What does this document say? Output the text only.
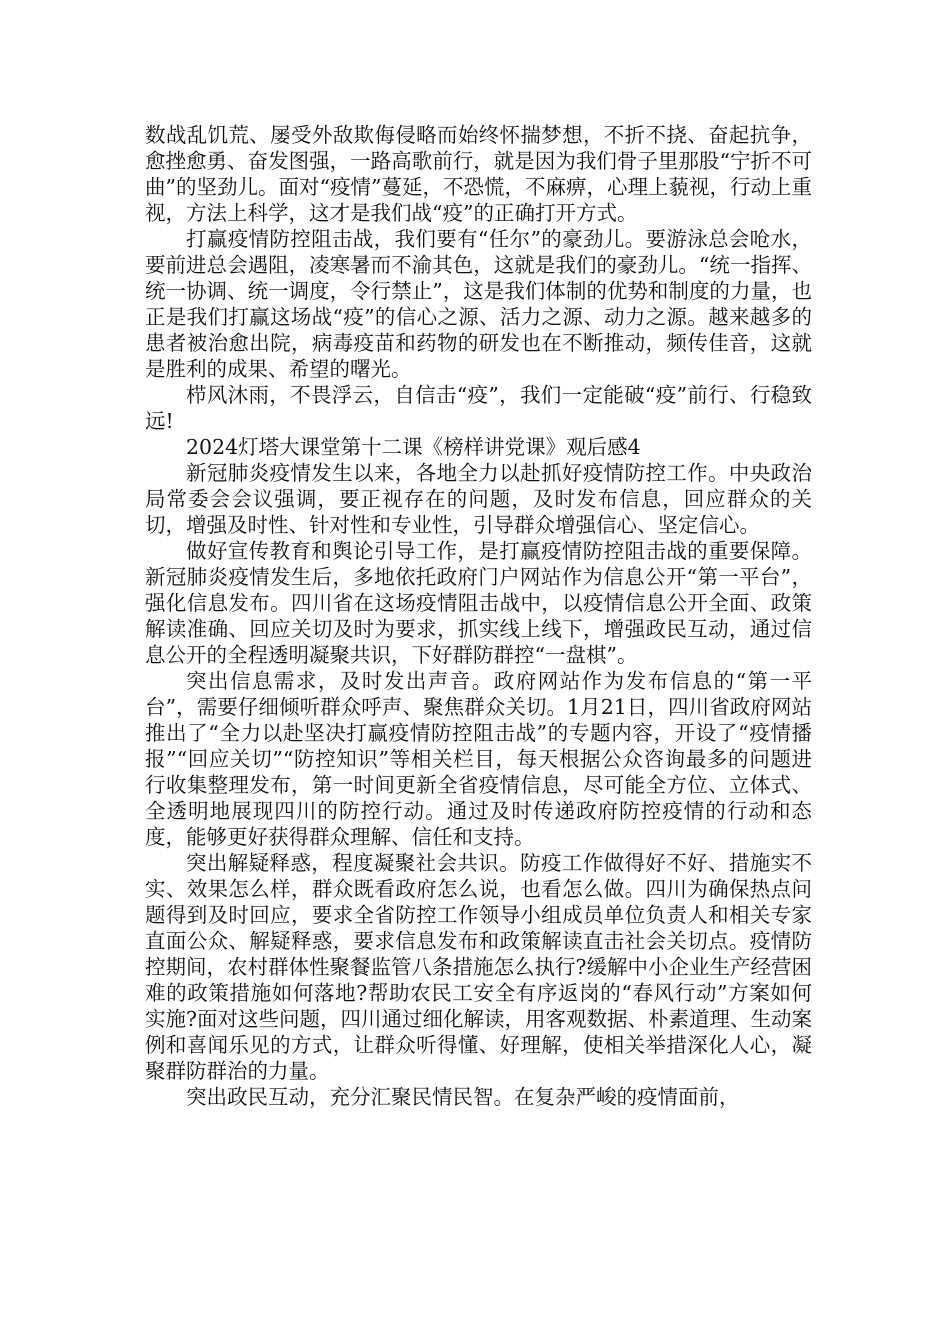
数战乱饥荒、屡受外敌欺侮侵略而始终怀揣梦想，不折不挠、奋起抗争，愈挫愈勇、奋发图强，一路高歌前行，就是因为我们骨子里那股“宁折不可曲”的坚劲儿。面对“疫情”蔓延，不恐慌，不麻痹，心理上藐视，行动上重视，方法上科学，这才是我们战“疫”的正确打开方式。

打赢疫情防控阻击战，我们要有“任尔”的豪劲儿。要游泳总会呛水，要前进总会遇阻，凌寒暑而不渝其色，这就是我们的豪劲儿。“统一指挥、统一协调、统一调度，令行禁止”，这是我们体制的优势和制度的力量，也正是我们打赢这场战“疫”的信心之源、活力之源、动力之源。越来越多的患者被治愈出院，病毒疫苗和药物的研发也在不断推动，频传佳音，这就是胜利的成果、希望的曙光。

栉风沐雨，不畏浮云，自信击“疫”，我们一定能破“疫”前行、行稳致远!

2024灯塔大课堂第十二课《榜样讲党课》观后感4

新冠肺炎疫情发生以来，各地全力以赴抓好疫情防控工作。中央政治局常委会会议强调，要正视存在的问题，及时发布信息，回应群众的关切，增强及时性、针对性和专业性，引导群众增强信心、坚定信心。

做好宣传教育和舆论引导工作，是打赢疫情防控阻击战的重要保障。新冠肺炎疫情发生后，多地依托政府门户网站作为信息公开“第一平台”，强化信息发布。四川省在这场疫情阻击战中，以疫情信息公开全面、政策解读准确、回应关切及时为要求，抓实线上线下，增强政民互动，通过信息公开的全程透明凝聚共识，下好群防群控“一盘棋”。

突出信息需求，及时发出声音。政府网站作为发布信息的“第一平台”，需要仔细倾听群众呼声、聚焦群众关切。1月21日，四川省政府网站推出了“全力以赴坚决打赢疫情防控阻击战”的专题内容，开设了“疫情播报”“回应关切”“防控知识”等相关栏目，每天根据公众咨询最多的问题进行收集整理发布，第一时间更新全省疫情信息，尽可能全方位、立体式、全透明地展现四川的防控行动。通过及时传递政府防控疫情的行动和态度，能够更好获得群众理解、信任和支持。

突出解疑释惑，程度凝聚社会共识。防疫工作做得好不好、措施实不实、效果怎么样，群众既看政府怎么说，也看怎么做。四川为确保热点问题得到及时回应，要求全省防控工作领导小组成员单位负责人和相关专家直面公众、解疑释惑，要求信息发布和政策解读直击社会关切点。疫情防控期间，农村群体性聚餐监管八条措施怎么执行?缓解中小企业生产经营困难的政策措施如何落地?帮助农民工安全有序返岗的“春风行动”方案如何实施?面对这些问题，四川通过细化解读，用客观数据、朴素道理、生动案例和喜闻乐见的方式，让群众听得懂、好理解，使相关举措深化人心，凝聚群防群治的力量。

突出政民互动，充分汇聚民情民智。在复杂严峻的疫情面前，
